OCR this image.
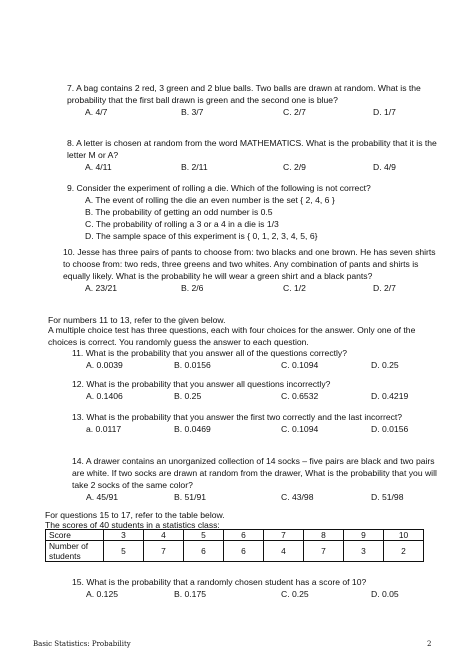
7. A bag contains 2 red, 3 green and 2 blue balls. Two balls are drawn at random. What is the probability that the first ball drawn is green and the second one is blue?
A. 4/7	B. 3/7	C. 2/7	D. 1/7
8. A letter is chosen at random from the word MATHEMATICS. What is the probability that it is the letter M or A?
A. 4/11	B. 2/11	C. 2/9	D. 4/9
9. Consider the experiment of rolling a die. Which of the following is not correct?
A. The event of rolling the die an even number is the set { 2, 4, 6 }
B. The probability of getting an odd number is 0.5
C. The probability of rolling a 3 or a 4 in a die is 1/3
D. The sample space of this experiment is { 0, 1, 2, 3, 4, 5, 6}
10. Jesse has three pairs of pants to choose from: two blacks and one brown. He has seven shirts to choose from: two reds, three greens and two whites. Any combination of pants and shirts is equally likely. What is the probability he will wear a green shirt and a black pants?
A. 23/21	B. 2/6	C. 1/2	D. 2/7
For numbers 11 to 13, refer to the given below.
A multiple choice test has three questions, each with four choices for the answer. Only one of the choices is correct. You randomly guess the answer to each question.
11. What is the probability that you answer all of the questions correctly?
A. 0.0039	B. 0.0156	C. 0.1094	D. 0.25
12. What is the probability that you answer all questions incorrectly?
A. 0.1406	B. 0.25	C. 0.6532	D. 0.4219
13. What is the probability that you answer the first two correctly and the last incorrect?
a. 0.0117	B. 0.0469	C. 0.1094	D. 0.0156
14. A drawer contains an unorganized collection of 14 socks – five pairs are black and two pairs are white. If two socks are drawn at random from the drawer, What is the probability that you will take 2 socks of the same color?
A. 45/91	B. 51/91	C. 43/98	D. 51/98
For questions 15 to 17, refer to the table below.
The scores of 40 students in a statistics class:
Score	3	4	5	6	7	8	9	10
Number of students	5	7	6	6	4	7	3	2
15. What is the probability that a randomly chosen student has a score of 10?
A. 0.125	B. 0.175	C. 0.25	D. 0.05
Basic Statistics: Probability	2
